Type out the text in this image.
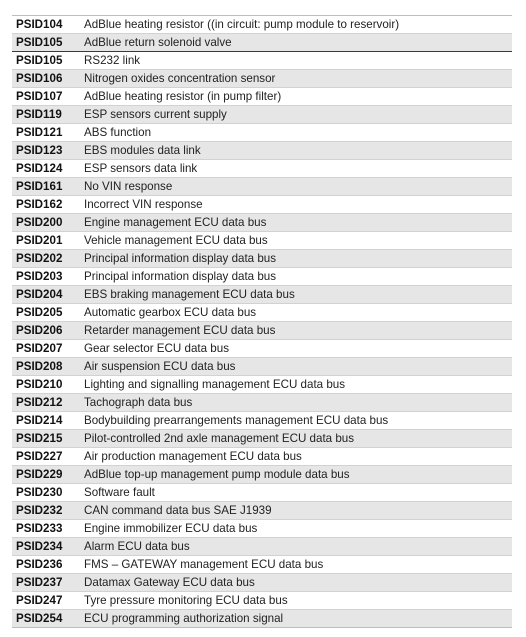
PSID104	AdBlue heating resistor ((in circuit: pump module to reservoir)
PSID105	AdBlue return solenoid valve
PSID105	RS232 link
PSID106	Nitrogen oxides concentration sensor
PSID107	AdBlue heating resistor (in pump filter)
PSID119	ESP sensors current supply
PSID121	ABS function
PSID123	EBS modules data link
PSID124	ESP sensors data link
PSID161	No VIN response
PSID162	Incorrect VIN response
PSID200	Engine management ECU data bus
PSID201	Vehicle management ECU data bus
PSID202	Principal information display data bus
PSID203	Principal information display data bus
PSID204	EBS braking management ECU data bus
PSID205	Automatic gearbox ECU data bus
PSID206	Retarder management ECU data bus
PSID207	Gear selector ECU data bus
PSID208	Air suspension ECU data bus
PSID210	Lighting and signalling management ECU data bus
PSID212	Tachograph data bus
PSID214	Bodybuilding prearrangements management ECU data bus
PSID215	Pilot-controlled 2nd axle management ECU data bus
PSID227	Air production management ECU data bus
PSID229	AdBlue top-up management pump module data bus
PSID230	Software fault
PSID232	CAN command data bus SAE J1939
PSID233	Engine immobilizer ECU data bus
PSID234	Alarm ECU data bus
PSID236	FMS – GATEWAY management ECU data bus
PSID237	Datamax Gateway ECU data bus
PSID247	Tyre pressure monitoring ECU data bus
PSID254	ECU programming authorization signal
